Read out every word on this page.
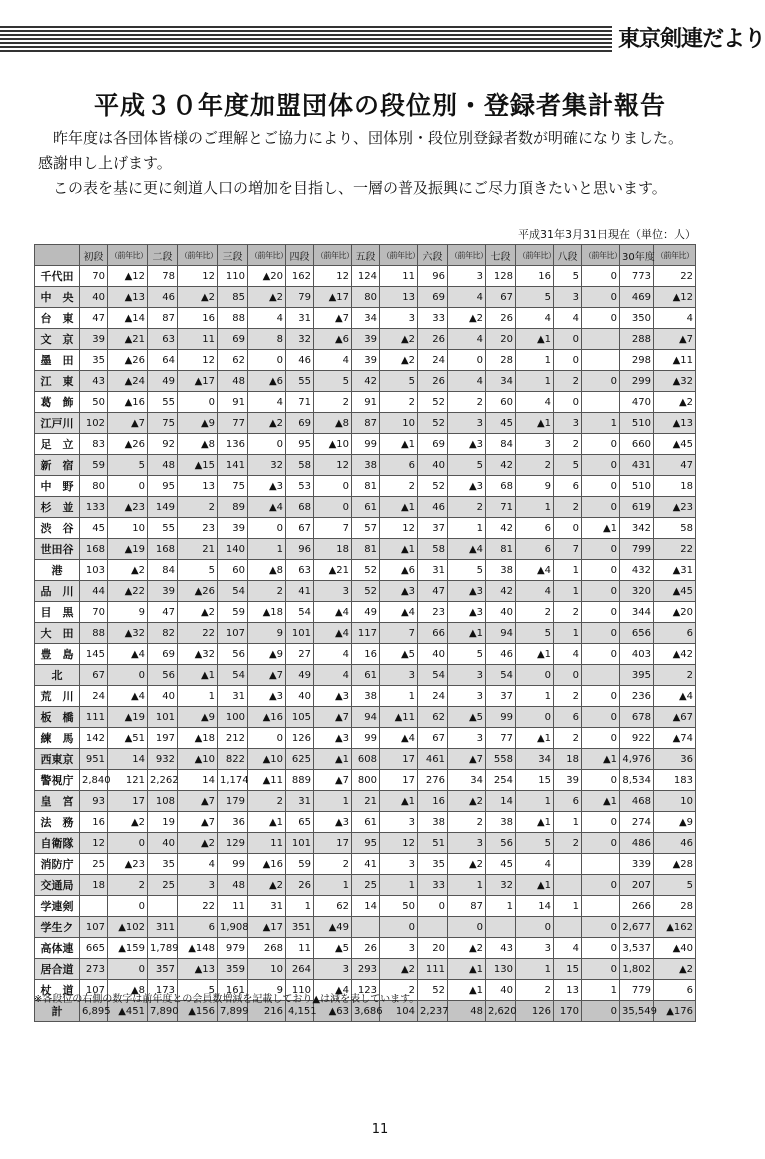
東京剣連だより
平成３０年度加盟団体の段位別・登録者集計報告

昨年度は各団体皆様のご理解とご協力により、団体別・段位別登録者数が明確になりました。

感謝申し上げます。

この表を基に更に剣道人口の増加を目指し、一層の普及振興にご尽力頂きたいと思います。

平成31年3月31日現在（単位：人）
	初段	（前年比）	二段	（前年比）	三段	（前年比）	四段	（前年比）	五段	（前年比）	六段	（前年比）	七段	（前年比）	八段	（前年比）	30年度	（前年比）
千代田	70	▲12	78	12	110	▲20	162	12	124	11	96	3	128	16	5	0	773	22
中　央	40	▲13	46	▲2	85	▲2	79	▲17	80	13	69	4	67	5	3	0	469	▲12
台　東	47	▲14	87	16	88	4	31	▲7	34	3	33	▲2	26	4	4	0	350	4
文　京	39	▲21	63	11	69	8	32	▲6	39	▲2	26	4	20	▲1	0		288	▲7
墨　田	35	▲26	64	12	62	0	46	4	39	▲2	24	0	28	1	0		298	▲11
江　東	43	▲24	49	▲17	48	▲6	55	5	42	5	26	4	34	1	2	0	299	▲32
葛　飾	50	▲16	55	0	91	4	71	2	91	2	52	2	60	4	0		470	▲2
江戸川	102	▲7	75	▲9	77	▲2	69	▲8	87	10	52	3	45	▲1	3	1	510	▲13
足　立	83	▲26	92	▲8	136	0	95	▲10	99	▲1	69	▲3	84	3	2	0	660	▲45
新　宿	59	5	48	▲15	141	32	58	12	38	6	40	5	42	2	5	0	431	47
中　野	80	0	95	13	75	▲3	53	0	81	2	52	▲3	68	9	6	0	510	18
杉　並	133	▲23	149	2	89	▲4	68	0	61	▲1	46	2	71	1	2	0	619	▲23
渋　谷	45	10	55	23	39	0	67	7	57	12	37	1	42	6	0	▲1	342	58
世田谷	168	▲19	168	21	140	1	96	18	81	▲1	58	▲4	81	6	7	0	799	22
港	103	▲2	84	5	60	▲8	63	▲21	52	▲6	31	5	38	▲4	1	0	432	▲31
品　川	44	▲22	39	▲26	54	2	41	3	52	▲3	47	▲3	42	4	1	0	320	▲45
目　黒	70	9	47	▲2	59	▲18	54	▲4	49	▲4	23	▲3	40	2	2	0	344	▲20
大　田	88	▲32	82	22	107	9	101	▲4	117	7	66	▲1	94	5	1	0	656	6
豊　島	145	▲4	69	▲32	56	▲9	27	4	16	▲5	40	5	46	▲1	4	0	403	▲42
北	67	0	56	▲1	54	▲7	49	4	61	3	54	3	54	0	0		395	2
荒　川	24	▲4	40	1	31	▲3	40	▲3	38	1	24	3	37	1	2	0	236	▲4
板　橋	111	▲19	101	▲9	100	▲16	105	▲7	94	▲11	62	▲5	99	0	6	0	678	▲67
練　馬	142	▲51	197	▲18	212	0	126	▲3	99	▲4	67	3	77	▲1	2	0	922	▲74
西東京	951	14	932	▲10	822	▲10	625	▲1	608	17	461	▲7	558	34	18	▲1	4,976	36
警視庁	2,840	121	2,262	14	1,174	▲11	889	▲7	800	17	276	34	254	15	39	0	8,534	183
皇　宮	93	17	108	▲7	179	2	31	1	21	▲1	16	▲2	14	1	6	▲1	468	10
法　務	16	▲2	19	▲7	36	▲1	65	▲3	61	3	38	2	38	▲1	1	0	274	▲9
自衛隊	12	0	40	▲2	129	11	101	17	95	12	51	3	56	5	2	0	486	46
消防庁	25	▲23	35	4	99	▲16	59	2	41	3	35	▲2	45	4			339	▲28
交通局	18	2	25	3	48	▲2	26	1	25	1	33	1	32	▲1		0	207	5
学連剣		0		22	11	31	1	62	14	50	0	87	1	14	1		266	28
学生ク	107	▲102	311	6	1,908	▲17	351	▲49		0		0		0		0	2,677	▲162
高体連	665	▲159	1,789	▲148	979	268	11	▲5	26	3	20	▲2	43	3	4	0	3,537	▲40
居合道	273	0	357	▲13	359	10	264	3	293	▲2	111	▲1	130	1	15	0	1,802	▲2
杖　道	107	▲8	173	5	161	9	110	▲4	123	2	52	▲1	40	2	13	1	779	6
計	6,895	▲451	7,890	▲156	7,899	216	4,151	▲63	3,686	104	2,237	48	2,620	126	170	0	35,549	▲176
※各段位の右側の数字は前年度との会員数増減を記載しており▲は減を表しています。
11
